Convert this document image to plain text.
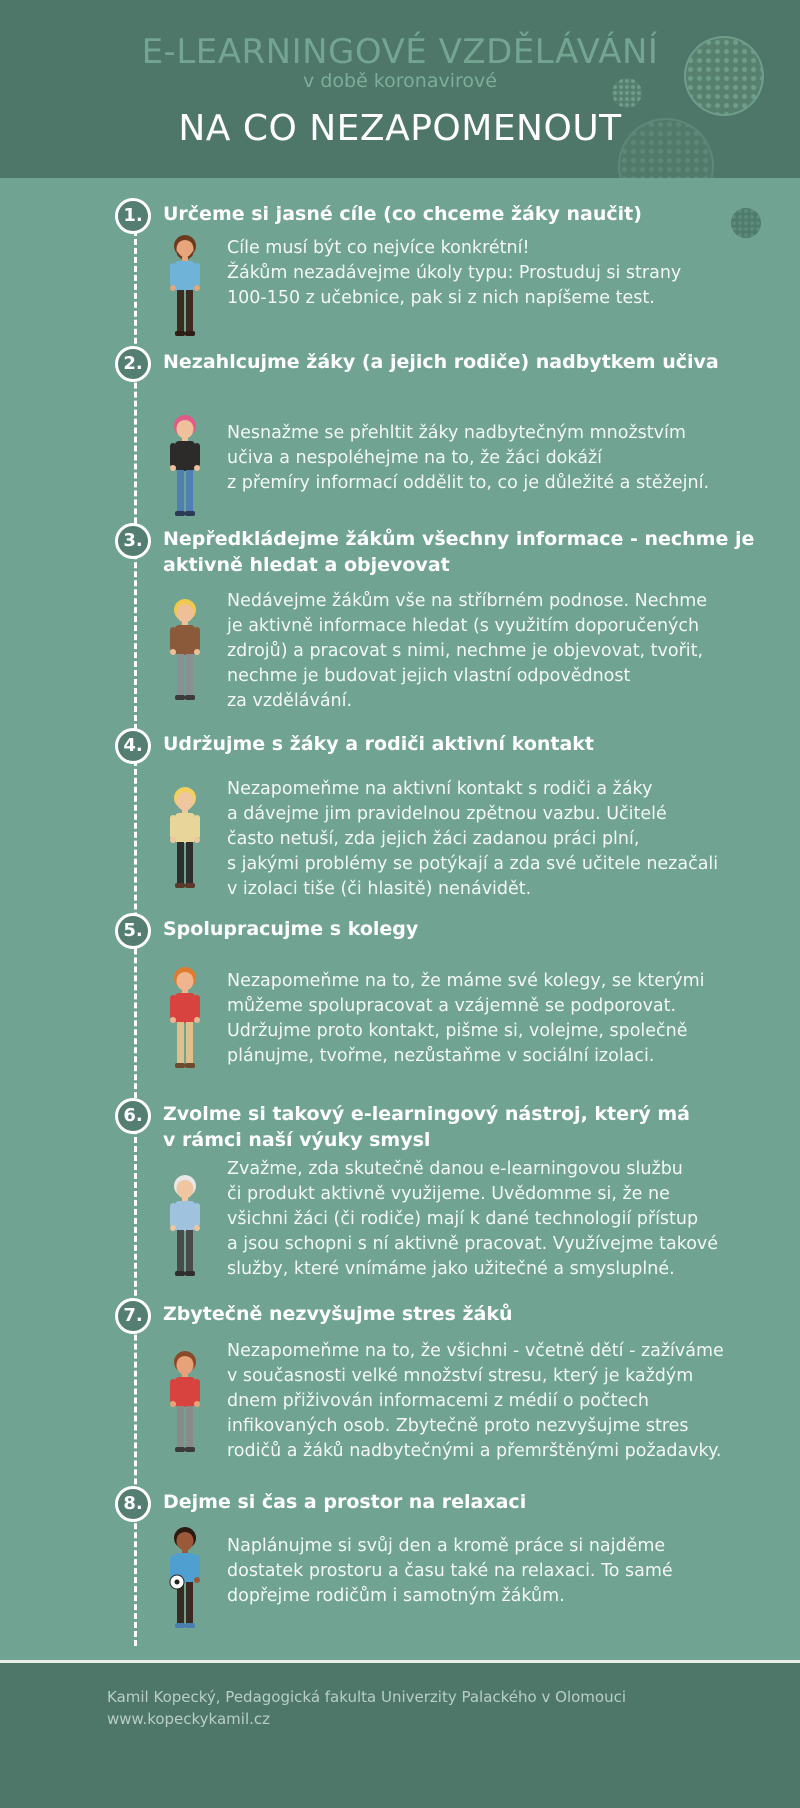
E-LEARNINGOVÉ VZDĚLÁVÁNÍ
v době koronavirové
NA CO NEZAPOMENOUT
1.	Určeme si jasné cíle (co chceme žáky naučit)
Cíle musí být co nejvíce konkrétní!
Žákům nezadávejme úkoly typu: Prostuduj si strany
100-150 z učebnice, pak si z nich napíšeme test.
2.	Nezahlcujme žáky (a jejich rodiče) nadbytkem učiva
Nesnažme se přehltit žáky nadbytečným množstvím
učiva a nespoléhejme na to, že žáci dokáží
z přemíry informací oddělit to, co je důležité a stěžejní.
3.	Nepředkládejme žákům všechny informace - nechme je
aktivně hledat a objevovat
Nedávejme žákům vše na stříbrném podnose. Nechme
je aktivně informace hledat (s využitím doporučených
zdrojů) a pracovat s nimi, nechme je objevovat, tvořit,
nechme je budovat jejich vlastní odpovědnost
za vzdělávání.
4.	Udržujme s žáky a rodiči aktivní kontakt
Nezapomeňme na aktivní kontakt s rodiči a žáky
a dávejme jim pravidelnou zpětnou vazbu. Učitelé
často netuší, zda jejich žáci zadanou práci plní,
s jakými problémy se potýkají a zda své učitele nezačali
v izolaci tiše (či hlasitě) nenávidět.
5.	Spolupracujme s kolegy
Nezapomeňme na to, že máme své kolegy, se kterými
můžeme spolupracovat a vzájemně se podporovat.
Udržujme proto kontakt, pišme si, volejme, společně
plánujme, tvořme, nezůstaňme v sociální izolaci.
6.	Zvolme si takový e-learningový nástroj, který má
v rámci naší výuky smysl
Zvažme, zda skutečně danou e-learningovou službu
či produkt aktivně využijeme. Uvědomme si, že ne
všichni žáci (či rodiče) mají k dané technologií přístup
a jsou schopni s ní aktivně pracovat. Využívejme takové
služby, které vnímáme jako užitečné a smysluplné.
7.	Zbytečně nezvyšujme stres žáků
Nezapomeňme na to, že všichni - včetně dětí - zažíváme
v současnosti velké množství stresu, který je každým
dnem přiživován informacemi z médií o počtech
infikovaných osob. Zbytečně proto nezvyšujme stres
rodičů a žáků nadbytečnými a přemrštěnými požadavky.
8.	Dejme si čas a prostor na relaxaci
Naplánujme si svůj den a kromě práce si najděme
dostatek prostoru a času také na relaxaci. To samé
dopřejme rodičům i samotným žákům.
Kamil Kopecký, Pedagogická fakulta Univerzity Palackého v Olomouci
www.kopeckykamil.cz
